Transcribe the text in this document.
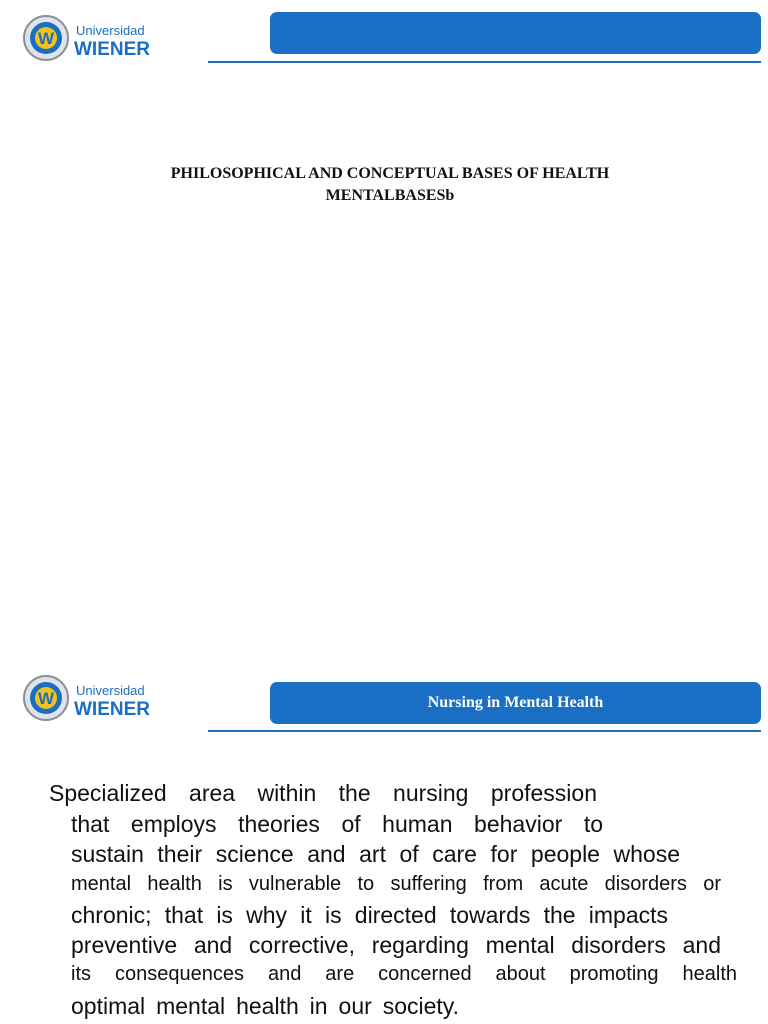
W Universidad
WIENER
PHILOSOPHICAL AND CONCEPTUAL BASES OF HEALTH
MENTALBASESb
W Universidad
WIENER	Nursing in Mental Health
Specialized area within the nursing profession
that employs theories of human behavior to
sustain their science and art of care for people whose
mental health is vulnerable to suffering from acute disorders or
chronic; that is why it is directed towards the impacts
preventive and corrective, regarding mental disorders and
its consequences and are concerned about promoting health
optimal mental health in our society.
